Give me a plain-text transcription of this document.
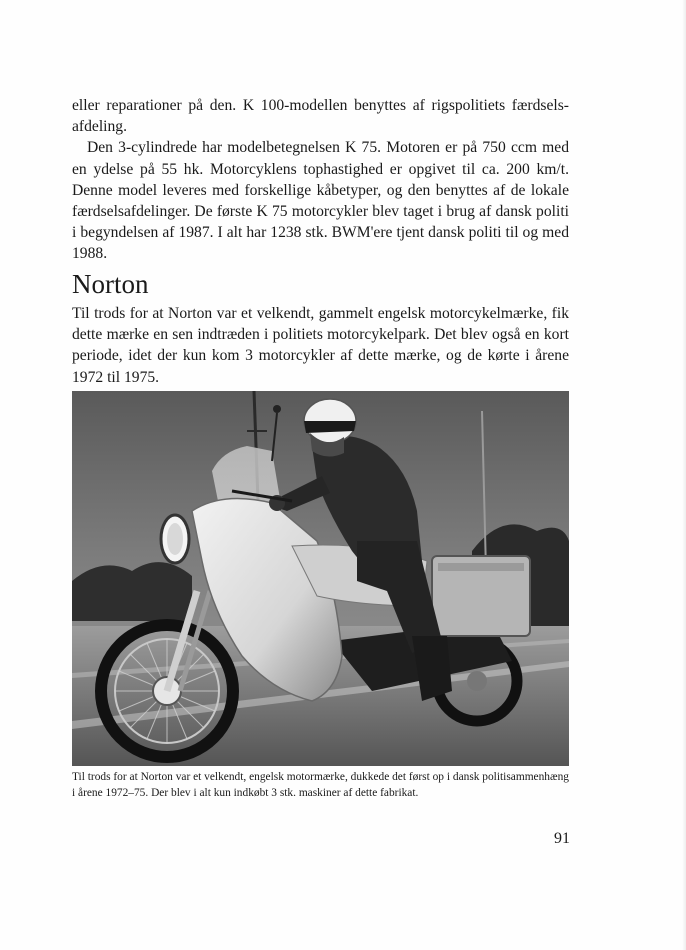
eller reparationer på den. K 100-modellen benyttes af rigspolitiets færdselsafdeling.

Den 3-cylindrede har modelbetegnelsen K 75. Motoren er på 750 ccm med en ydelse på 55 hk. Motorcyklens tophastighed er opgivet til ca. 200 km/t. Denne model leveres med forskellige kåbetyper, og den benyttes af de lokale færdselsafdelinger. De første K 75 motorcykler blev taget i brug af dansk politi i begyndelsen af 1987. I alt har 1238 stk. BWM'ere tjent dansk politi til og med 1988.

Norton

Til trods for at Norton var et velkendt, gammelt engelsk motorcykelmærke, fik dette mærke en sen indtræden i politiets motorcykelpark. Det blev også en kort periode, idet der kun kom 3 motorcykler af dette mærke, og de kørte i årene 1972 til 1975.

Til trods for at Norton var et velkendt, engelsk motormærke, dukkede det først op i dansk politisammenhæng i årene 1972–75. Der blev i alt kun indkøbt 3 stk. maskiner af dette fabrikat.

91
